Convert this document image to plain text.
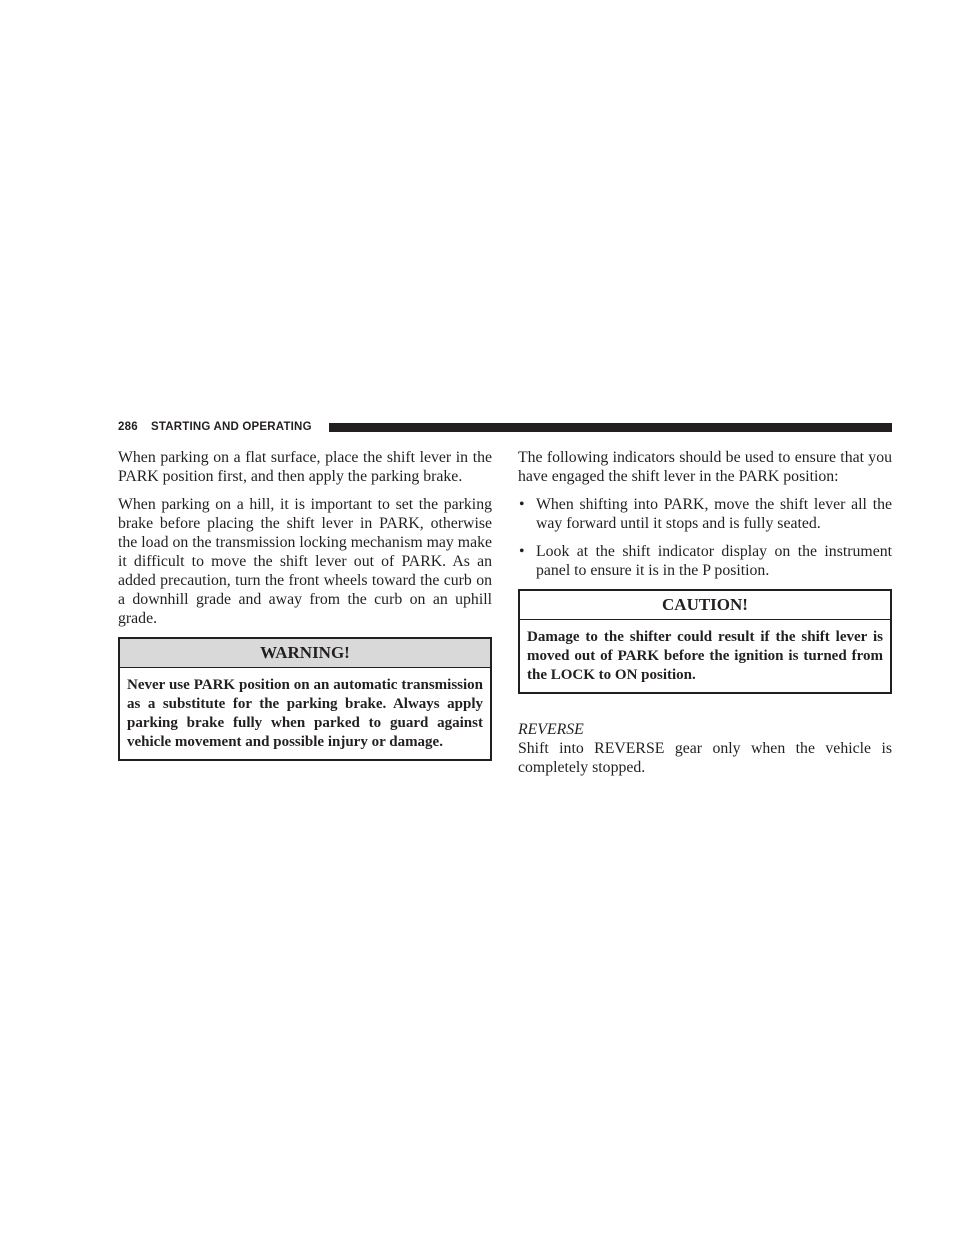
286 STARTING AND OPERATING

When parking on a flat surface, place the shift lever in the PARK position first, and then apply the parking brake.

When parking on a hill, it is important to set the parking brake before placing the shift lever in PARK, otherwise the load on the transmission locking mechanism may make it difficult to move the shift lever out of PARK. As an added precaution, turn the front wheels toward the curb on a downhill grade and away from the curb on an uphill grade.

WARNING!
Never use PARK position on an automatic transmission as a substitute for the parking brake. Always apply parking brake fully when parked to guard against vehicle movement and possible injury or damage.

The following indicators should be used to ensure that you have engaged the shift lever in the PARK position:

• When shifting into PARK, move the shift lever all the way forward until it stops and is fully seated.
• Look at the shift indicator display on the instrument panel to ensure it is in the P position.
CAUTION!
Damage to the shifter could result if the shift lever is moved out of PARK before the ignition is turned from the LOCK to ON position.
REVERSE

Shift into REVERSE gear only when the vehicle is completely stopped.
